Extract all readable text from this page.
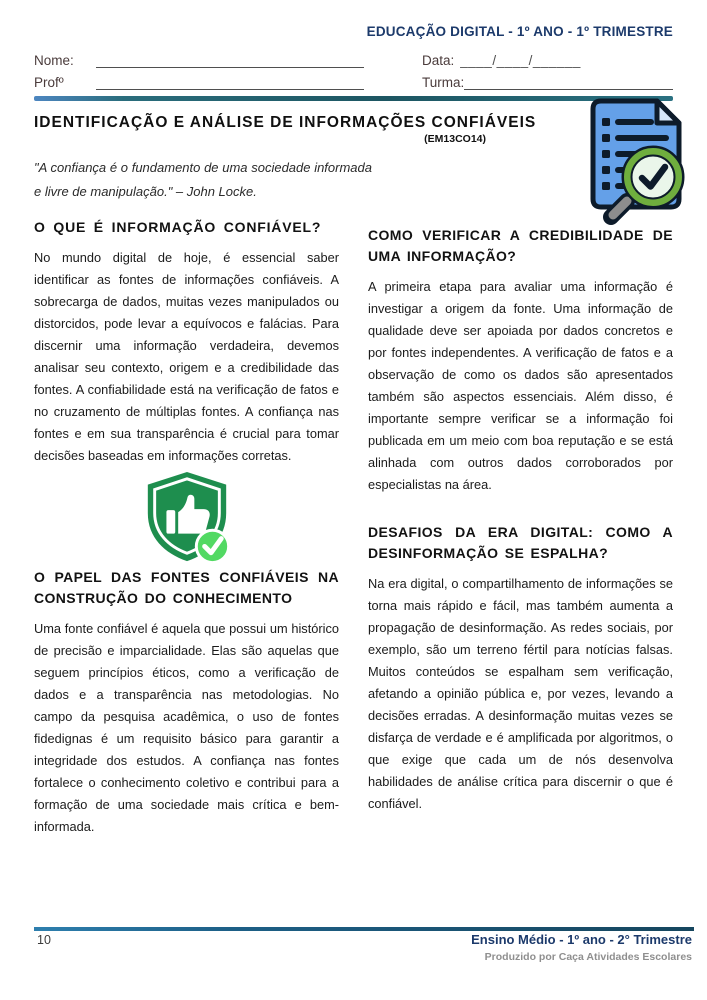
EDUCAÇÃO DIGITAL - 1º ANO - 1º TRIMESTRE
Nome:	Data: ____/____/______
Profº	Turma:
IDENTIFICAÇÃO E ANÁLISE DE INFORMAÇÕES CONFIÁVEIS
(EM13CO14)
"A confiança é o fundamento de uma sociedade informada e livre de manipulação." – John Locke.
O QUE É INFORMAÇÃO CONFIÁVEL?

No mundo digital de hoje, é essencial saber identificar as fontes de informações confiáveis. A sobrecarga de dados, muitas vezes manipulados ou distorcidos, pode levar a equívocos e falácias. Para discernir uma informação verdadeira, devemos analisar seu contexto, origem e a credibilidade das fontes. A confiabilidade está na verificação de fatos e no cruzamento de múltiplas fontes. A confiança nas fontes e em sua transparência é crucial para tomar decisões baseadas em informações corretas.

O PAPEL DAS FONTES CONFIÁVEIS NA CONSTRUÇÃO DO CONHECIMENTO

Uma fonte confiável é aquela que possui um histórico de precisão e imparcialidade. Elas são aquelas que seguem princípios éticos, como a verificação de dados e a transparência nas metodologias. No campo da pesquisa acadêmica, o uso de fontes fidedignas é um requisito básico para garantir a integridade dos estudos. A confiança nas fontes fortalece o conhecimento coletivo e contribui para a formação de uma sociedade mais crítica e bem-informada.

COMO VERIFICAR A CREDIBILIDADE DE UMA INFORMAÇÃO?

A primeira etapa para avaliar uma informação é investigar a origem da fonte. Uma informação de qualidade deve ser apoiada por dados concretos e por fontes independentes. A verificação de fatos e a observação de como os dados são apresentados também são aspectos essenciais. Além disso, é importante sempre verificar se a informação foi publicada em um meio com boa reputação e se está alinhada com outros dados corroborados por especialistas na área.

DESAFIOS DA ERA DIGITAL: COMO A DESINFORMAÇÃO SE ESPALHA?

Na era digital, o compartilhamento de informações se torna mais rápido e fácil, mas também aumenta a propagação de desinformação. As redes sociais, por exemplo, são um terreno fértil para notícias falsas. Muitos conteúdos se espalham sem verificação, afetando a opinião pública e, por vezes, levando a decisões erradas. A desinformação muitas vezes se disfarça de verdade e é amplificada por algoritmos, o que exige que cada um de nós desenvolva habilidades de análise crítica para discernir o que é confiável.

10	Ensino Médio - 1º ano - 2° Trimestre
Produzido por Caça Atividades Escolares
